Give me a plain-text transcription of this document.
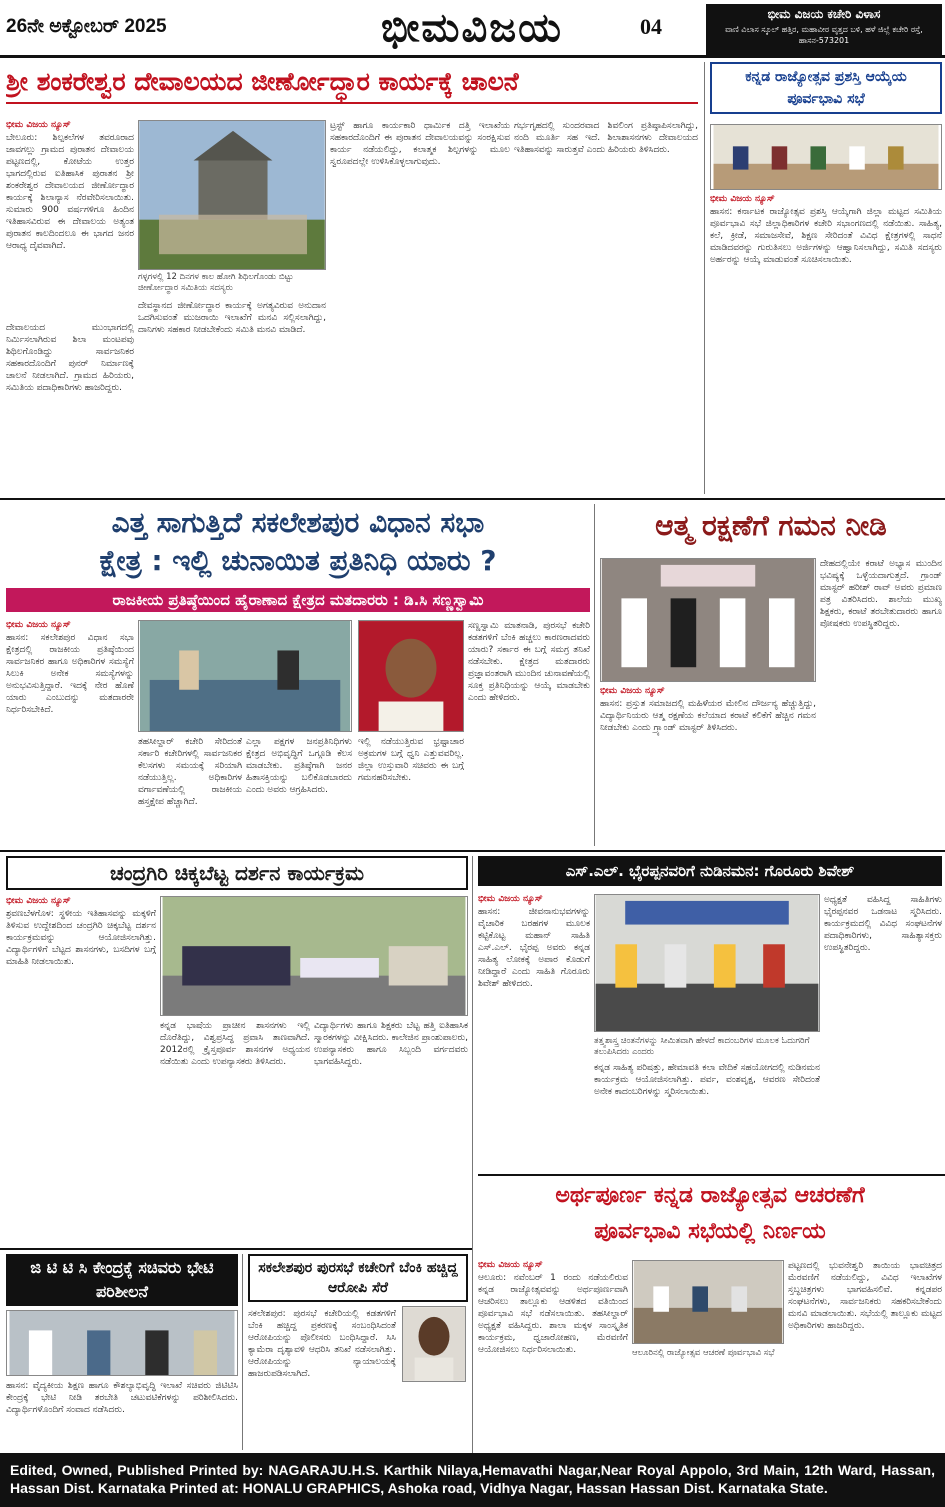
26ನೇ ಅಕ್ಟೋಬರ್ 2025	ಭೀಮವಿಜಯ	04	ಭೀಮ ವಿಜಯ ಕಚೇರಿ ವಿಳಾಸ
ವಾಣಿ ವಿಲಾಸ ಸ್ಕೂಲ್ ಹತ್ತಿರ, ಮಹಾವೀರ ವೃತ್ತದ ಬಳಿ, ಹಳೆ ಜಿಲ್ಲೆ ಕಚೇರಿ ರಸ್ತೆ, ಹಾಸನ-573201
ಶ್ರೀ ಶಂಕರೇಶ್ವರ ದೇವಾಲಯದ ಜೀರ್ಣೋದ್ಧಾರ ಕಾರ್ಯಕ್ಕೆ ಚಾಲನೆ
ಭೀಮ ವಿಜಯ ನ್ಯೂಸ್
ಬೇಲೂರು: ಶಿಲ್ಪಕಲೆಗಳ ತವರೂರಾದ ಜಾವಗಲ್ಲು ಗ್ರಾಮದ ಪುರಾತನ ದೇವಾಲಯ ಪಟ್ಟಣದಲ್ಲಿ, ಕೋಟೆಯ ಉತ್ತರ ಭಾಗದಲ್ಲಿರುವ ಐತಿಹಾಸಿಕ ಪುರಾತನ ಶ್ರೀ ಶಂಕರೇಶ್ವರ ದೇವಾಲಯದ ಜೀರ್ಣೋದ್ಧಾರ ಕಾರ್ಯಕ್ಕೆ ಶಿಲಾನ್ಯಾಸ ನೆರವೇರಿಸಲಾಯಿತು. ಸುಮಾರು 900 ವರ್ಷಗಳಿಗೂ ಹಿಂದಿನ ಇತಿಹಾಸವಿರುವ ಈ ದೇವಾಲಯ ಅತ್ಯಂತ ಪುರಾತನ ಕಾಲದಿಂದಲೂ ಈ ಭಾಗದ ಜನರ ಆರಾಧ್ಯ ದೈವವಾಗಿದೆ.
ಗಳ್ಳಗಳಲ್ಲಿ 12 ದಿನಗಳ ಕಾಲ ಹೋಗಿ ಶಿಥಿಲಗೊಂಡು ಬಿಟ್ಟು ಜೀರ್ಣೋದ್ಧಾರ ಸಮಿತಿಯ ಸದಸ್ಯರು
ದೇವಾಲಯದ ಮುಂಭಾಗದಲ್ಲಿ ನಿರ್ಮಿಸಲಾಗಿರುವ ಶಿಲಾ ಮಂಟಪವು ಶಿಥಿಲಗೊಂಡಿದ್ದು ಸಾರ್ವಜನಿಕರ ಸಹಕಾರದೊಂದಿಗೆ ಪುನರ್ ನಿರ್ಮಾಣಕ್ಕೆ ಚಾಲನೆ ನೀಡಲಾಗಿದೆ. ಗ್ರಾಮದ ಹಿರಿಯರು, ಸಮಿತಿಯ ಪದಾಧಿಕಾರಿಗಳು ಹಾಜರಿದ್ದರು.
ದೇವಸ್ಥಾನದ ಜೀರ್ಣೋದ್ಧಾರ ಕಾರ್ಯಕ್ಕೆ ಅಗತ್ಯವಿರುವ ಅನುದಾನ ಒದಗಿಸುವಂತೆ ಮುಜರಾಯಿ ಇಲಾಖೆಗೆ ಮನವಿ ಸಲ್ಲಿಸಲಾಗಿದ್ದು, ದಾನಿಗಳು ಸಹಕಾರ ನೀಡಬೇಕೆಂದು ಸಮಿತಿ ಮನವಿ ಮಾಡಿದೆ.
ಟ್ರಸ್ಟ್ ಹಾಗೂ ಕಾರ್ಯಕಾರಿ ಧಾರ್ಮಿಕ ದತ್ತಿ ಇಲಾಖೆಯ ಸಹಕಾರದೊಂದಿಗೆ ಈ ಪುರಾತನ ದೇವಾಲಯವನ್ನು ಸಂರಕ್ಷಿಸುವ ಕಾರ್ಯ ನಡೆಯಲಿದ್ದು, ಕಲಾತ್ಮಕ ಶಿಲ್ಪಗಳನ್ನು ಮೂಲ ಸ್ವರೂಪದಲ್ಲೇ ಉಳಿಸಿಕೊಳ್ಳಲಾಗುವುದು.
ಗರ್ಭಗೃಹದಲ್ಲಿ ಸುಂದರವಾದ ಶಿವಲಿಂಗ ಪ್ರತಿಷ್ಠಾಪಿಸಲಾಗಿದ್ದು, ನಂದಿ ಮೂರ್ತಿ ಸಹ ಇದೆ. ಶಿಲಾಶಾಸನಗಳು ದೇವಾಲಯದ ಇತಿಹಾಸವನ್ನು ಸಾರುತ್ತವೆ ಎಂದು ಹಿರಿಯರು ತಿಳಿಸಿದರು.
ಕನ್ನಡ ರಾಜ್ಯೋತ್ಸವ ಪ್ರಶಸ್ತಿ ಆಯ್ಕೆಯ ಪೂರ್ವಭಾವಿ ಸಭೆ
ಭೀಮ ವಿಜಯ ನ್ಯೂಸ್
ಹಾಸನ: ಕರ್ನಾಟಕ ರಾಜ್ಯೋತ್ಸವ ಪ್ರಶಸ್ತಿ ಆಯ್ಕೆಗಾಗಿ ಜಿಲ್ಲಾ ಮಟ್ಟದ ಸಮಿತಿಯ ಪೂರ್ವಭಾವಿ ಸಭೆ ಜಿಲ್ಲಾಧಿಕಾರಿಗಳ ಕಚೇರಿ ಸಭಾಂಗಣದಲ್ಲಿ ನಡೆಯಿತು. ಸಾಹಿತ್ಯ, ಕಲೆ, ಕ್ರೀಡೆ, ಸಮಾಜಸೇವೆ, ಶಿಕ್ಷಣ ಸೇರಿದಂತೆ ವಿವಿಧ ಕ್ಷೇತ್ರಗಳಲ್ಲಿ ಸಾಧನೆ ಮಾಡಿದವರನ್ನು ಗುರುತಿಸಲು ಅರ್ಜಿಗಳನ್ನು ಆಹ್ವಾನಿಸಲಾಗಿದ್ದು, ಸಮಿತಿ ಸದಸ್ಯರು ಅರ್ಹರನ್ನು ಆಯ್ಕೆ ಮಾಡುವಂತೆ ಸೂಚಿಸಲಾಯಿತು.
ಎತ್ತ ಸಾಗುತ್ತಿದೆ ಸಕಲೇಶಪುರ ವಿಧಾನ ಸಭಾ
ಕ್ಷೇತ್ರ : ಇಲ್ಲಿ ಚುನಾಯಿತ ಪ್ರತಿನಿಧಿ ಯಾರು ?
ರಾಜಕೀಯ ಪ್ರತಿಷ್ಠೆಯಿಂದ ಹೈರಾಣಾದ ಕ್ಷೇತ್ರದ ಮತದಾರರು : ಡಿ.ಸಿ ಸಣ್ಣಸ್ವಾಮಿ
ಭೀಮ ವಿಜಯ ನ್ಯೂಸ್
ಹಾಸನ: ಸಕಲೇಶಪುರ ವಿಧಾನ ಸಭಾ ಕ್ಷೇತ್ರದಲ್ಲಿ ರಾಜಕೀಯ ಪ್ರತಿಷ್ಠೆಯಿಂದ ಸಾರ್ವಜನಿಕರ ಹಾಗೂ ಅಧಿಕಾರಿಗಳ ಸಮಸ್ಯೆಗೆ ಸಿಲುಕಿ ಅನೇಕ ಸಮಸ್ಯೆಗಳನ್ನು ಅನುಭವಿಸುತ್ತಿದ್ದಾರೆ. ಇದಕ್ಕೆ ನೇರ ಹೊಣೆ ಯಾರು ಎಂಬುದನ್ನು ಮತದಾರರೇ ನಿರ್ಧರಿಸಬೇಕಿದೆ.
ತಹಸೀಲ್ದಾರ್ ಕಚೇರಿ ಸೇರಿದಂತೆ ಸರ್ಕಾರಿ ಕಚೇರಿಗಳಲ್ಲಿ ಸಾರ್ವಜನಿಕರ ಕೆಲಸಗಳು ಸಮಯಕ್ಕೆ ಸರಿಯಾಗಿ ನಡೆಯುತ್ತಿಲ್ಲ. ಅಧಿಕಾರಿಗಳ ವರ್ಗಾವಣೆಯಲ್ಲಿ ರಾಜಕೀಯ ಹಸ್ತಕ್ಷೇಪ ಹೆಚ್ಚಾಗಿದೆ.
ಎಲ್ಲಾ ಪಕ್ಷಗಳ ಜನಪ್ರತಿನಿಧಿಗಳು ಕ್ಷೇತ್ರದ ಅಭಿವೃದ್ಧಿಗೆ ಒಗ್ಗೂಡಿ ಕೆಲಸ ಮಾಡಬೇಕು. ಪ್ರತಿಷ್ಠೆಗಾಗಿ ಜನರ ಹಿತಾಸಕ್ತಿಯನ್ನು ಬಲಿಕೊಡಬಾರದು ಎಂದು ಅವರು ಆಗ್ರಹಿಸಿದರು.
ಇಲ್ಲಿ ನಡೆಯುತ್ತಿರುವ ಭ್ರಷ್ಟಾಚಾರ ಅಕ್ರಮಗಳ ಬಗ್ಗೆ ಧ್ವನಿ ಎತ್ತುವವರಿಲ್ಲ. ಜಿಲ್ಲಾ ಉಸ್ತುವಾರಿ ಸಚಿವರು ಈ ಬಗ್ಗೆ ಗಮನಹರಿಸಬೇಕು.
ಸಣ್ಣಸ್ವಾಮಿ ಮಾತನಾಡಿ, ಪುರಸಭೆ ಕಚೇರಿ ಕಡತಗಳಿಗೆ ಬೆಂಕಿ ಹಚ್ಚಲು ಕಾರಣರಾದವರು ಯಾರು? ಸರ್ಕಾರ ಈ ಬಗ್ಗೆ ಸಮಗ್ರ ತನಿಖೆ ನಡೆಸಬೇಕು. ಕ್ಷೇತ್ರದ ಮತದಾರರು ಪ್ರಜ್ಞಾವಂತರಾಗಿ ಮುಂದಿನ ಚುನಾವಣೆಯಲ್ಲಿ ಸೂಕ್ತ ಪ್ರತಿನಿಧಿಯನ್ನು ಆಯ್ಕೆ ಮಾಡಬೇಕು ಎಂದು ಹೇಳಿದರು.
ಆತ್ಮ ರಕ್ಷಣೆಗೆ ಗಮನ ನೀಡಿ
ಭೀಮ ವಿಜಯ ನ್ಯೂಸ್
ಹಾಸನ: ಪ್ರಸ್ತುತ ಸಮಾಜದಲ್ಲಿ ಮಹಿಳೆಯರ ಮೇಲಿನ ದೌರ್ಜನ್ಯ ಹೆಚ್ಚುತ್ತಿದ್ದು, ವಿದ್ಯಾರ್ಥಿನಿಯರು ಆತ್ಮ ರಕ್ಷಣೆಯ ಕಲೆಯಾದ ಕರಾಟೆ ಕಲಿಕೆಗೆ ಹೆಚ್ಚಿನ ಗಮನ ನೀಡಬೇಕು ಎಂದು ಗ್ರ್ಯಾಂಡ್ ಮಾಸ್ಟರ್ ತಿಳಿಸಿದರು.
ದೇಹದಲ್ಲಿಯೇ ಕರಾಟೆ ಅಭ್ಯಾಸ ಮುಂದಿನ ಭವಿಷ್ಯಕ್ಕೆ ಒಳ್ಳೆಯದಾಗುತ್ತದೆ. ಗ್ರಾಂಡ್ ಮಾಸ್ಟರ್ ಹರೀಶ್ ರಾವ್ ಅವರು ಪ್ರಮಾಣ ಪತ್ರ ವಿತರಿಸಿದರು. ಶಾಲೆಯ ಮುಖ್ಯ ಶಿಕ್ಷಕರು, ಕರಾಟೆ ತರಬೇತುದಾರರು ಹಾಗೂ ಪೋಷಕರು ಉಪಸ್ಥಿತರಿದ್ದರು.
ಚಂದ್ರಗಿರಿ ಚಿಕ್ಕಬೆಟ್ಟ ದರ್ಶನ ಕಾರ್ಯಕ್ರಮ
ಭೀಮ ವಿಜಯ ನ್ಯೂಸ್
ಶ್ರವಣಬೆಳಗೊಳ: ಸ್ಥಳೀಯ ಇತಿಹಾಸವನ್ನು ಮಕ್ಕಳಿಗೆ ತಿಳಿಸುವ ಉದ್ದೇಶದಿಂದ ಚಂದ್ರಗಿರಿ ಚಿಕ್ಕಬೆಟ್ಟ ದರ್ಶನ ಕಾರ್ಯಕ್ರಮವನ್ನು ಆಯೋಜಿಸಲಾಗಿತ್ತು. ವಿದ್ಯಾರ್ಥಿಗಳಿಗೆ ಬೆಟ್ಟದ ಶಾಸನಗಳು, ಬಸದಿಗಳ ಬಗ್ಗೆ ಮಾಹಿತಿ ನೀಡಲಾಯಿತು.
ಕನ್ನಡ ಭಾಷೆಯ ಪ್ರಾಚೀನ ಶಾಸನಗಳು ಇಲ್ಲಿ ದೊರೆತಿದ್ದು, ವಿಶ್ವಪ್ರಸಿದ್ಧ ಪ್ರವಾಸಿ ತಾಣವಾಗಿದೆ. 2012ರಲ್ಲಿ ಕ್ರೈಸ್ತಪೂರ್ವ ಶಾಸನಗಳ ಅಧ್ಯಯನ ನಡೆಯಿತು ಎಂದು ಉಪನ್ಯಾಸಕರು ತಿಳಿಸಿದರು.
ವಿದ್ಯಾರ್ಥಿಗಳು ಹಾಗೂ ಶಿಕ್ಷಕರು ಬೆಟ್ಟ ಹತ್ತಿ ಐತಿಹಾಸಿಕ ಸ್ಮಾರಕಗಳನ್ನು ವೀಕ್ಷಿಸಿದರು. ಕಾಲೇಜಿನ ಪ್ರಾಂಶುಪಾಲರು, ಉಪನ್ಯಾಸಕರು ಹಾಗೂ ಸಿಬ್ಬಂದಿ ವರ್ಗದವರು ಭಾಗವಹಿಸಿದ್ದರು.
ಎಸ್.ಎಲ್. ಭೈರಪ್ಪನವರಿಗೆ ನುಡಿನಮನ: ಗೊರೂರು ಶಿವೇಶ್
ಭೀಮ ವಿಜಯ ನ್ಯೂಸ್
ಹಾಸನ: ಜೀವನಾನುಭವಗಳನ್ನು ವೈಚಾರಿಕ ಬರಹಗಳ ಮೂಲಕ ಕಟ್ಟಿಕೊಟ್ಟ ಮಹಾನ್ ಸಾಹಿತಿ ಎಸ್.ಎಲ್. ಭೈರಪ್ಪ ಅವರು ಕನ್ನಡ ಸಾಹಿತ್ಯ ಲೋಕಕ್ಕೆ ಅಪಾರ ಕೊಡುಗೆ ನೀಡಿದ್ದಾರೆ ಎಂದು ಸಾಹಿತಿ ಗೊರೂರು ಶಿವೇಶ್ ಹೇಳಿದರು.
ತತ್ತ್ವಶಾಸ್ತ್ರ ಚಿಂತನೆಗಳನ್ನು ಸೀಮಿತವಾಗಿ ಹೇಳದೆ ಕಾದಂಬರಿಗಳ ಮೂಲಕ ಓದುಗರಿಗೆ ತಲುಪಿಸಿದರು ಎಂದರು
ಕನ್ನಡ ಸಾಹಿತ್ಯ ಪರಿಷತ್ತು, ಹೇಮಾವತಿ ಕಲಾ ವೇದಿಕೆ ಸಹಯೋಗದಲ್ಲಿ ನುಡಿನಮನ ಕಾರ್ಯಕ್ರಮ ಆಯೋಜಿಸಲಾಗಿತ್ತು. ಪರ್ವ, ವಂಶವೃಕ್ಷ, ಆವರಣ ಸೇರಿದಂತೆ ಅನೇಕ ಕಾದಂಬರಿಗಳನ್ನು ಸ್ಮರಿಸಲಾಯಿತು.
ಅಧ್ಯಕ್ಷತೆ ವಹಿಸಿದ್ದ ಸಾಹಿತಿಗಳು ಭೈರಪ್ಪನವರ ಒಡನಾಟ ಸ್ಮರಿಸಿದರು. ಕಾರ್ಯಕ್ರಮದಲ್ಲಿ ವಿವಿಧ ಸಂಘಟನೆಗಳ ಪದಾಧಿಕಾರಿಗಳು, ಸಾಹಿತ್ಯಾಸಕ್ತರು ಉಪಸ್ಥಿತರಿದ್ದರು.
ಅರ್ಥಪೂರ್ಣ ಕನ್ನಡ ರಾಜ್ಯೋತ್ಸವ ಆಚರಣೆಗೆ
ಪೂರ್ವಭಾವಿ ಸಭೆಯಲ್ಲಿ ನಿರ್ಣಯ
ಭೀಮ ವಿಜಯ ನ್ಯೂಸ್
ಆಲೂರು: ನವೆಂಬರ್ 1 ರಂದು ನಡೆಯಲಿರುವ ಕನ್ನಡ ರಾಜ್ಯೋತ್ಸವವನ್ನು ಅರ್ಥಪೂರ್ಣವಾಗಿ ಆಚರಿಸಲು ತಾಲ್ಲೂಕು ಆಡಳಿತದ ವತಿಯಿಂದ ಪೂರ್ವಭಾವಿ ಸಭೆ ನಡೆಸಲಾಯಿತು. ತಹಸೀಲ್ದಾರ್ ಅಧ್ಯಕ್ಷತೆ ವಹಿಸಿದ್ದರು. ಶಾಲಾ ಮಕ್ಕಳ ಸಾಂಸ್ಕೃತಿಕ ಕಾರ್ಯಕ್ರಮ, ಧ್ವಜಾರೋಹಣ, ಮೆರವಣಿಗೆ ಆಯೋಜಿಸಲು ನಿರ್ಧರಿಸಲಾಯಿತು.	ಆಲೂರಿನಲ್ಲಿ ರಾಜ್ಯೋತ್ಸವ ಆಚರಣೆ ಪೂರ್ವಭಾವಿ ಸಭೆ
ಪಟ್ಟಣದಲ್ಲಿ ಭುವನೇಶ್ವರಿ ತಾಯಿಯ ಭಾವಚಿತ್ರದ ಮೆರವಣಿಗೆ ನಡೆಯಲಿದ್ದು, ವಿವಿಧ ಇಲಾಖೆಗಳ ಸ್ತಬ್ಧಚಿತ್ರಗಳು ಭಾಗವಹಿಸಲಿವೆ. ಕನ್ನಡಪರ ಸಂಘಟನೆಗಳು, ಸಾರ್ವಜನಿಕರು ಸಹಕರಿಸಬೇಕೆಂದು ಮನವಿ ಮಾಡಲಾಯಿತು. ಸಭೆಯಲ್ಲಿ ತಾಲ್ಲೂಕು ಮಟ್ಟದ ಅಧಿಕಾರಿಗಳು ಹಾಜರಿದ್ದರು.
ಜಿ ಟಿ ಟಿ ಸಿ ಕೇಂದ್ರಕ್ಕೆ ಸಚಿವರು ಭೇಟಿ ಪರಿಶೀಲನೆ
ಹಾಸನ: ವೈದ್ಯಕೀಯ ಶಿಕ್ಷಣ ಹಾಗೂ ಕೌಶಲ್ಯಾಭಿವೃದ್ಧಿ ಇಲಾಖೆ ಸಚಿವರು ಜಿಟಿಟಿಸಿ ಕೇಂದ್ರಕ್ಕೆ ಭೇಟಿ ನೀಡಿ ತರಬೇತಿ ಚಟುವಟಿಕೆಗಳನ್ನು ಪರಿಶೀಲಿಸಿದರು. ವಿದ್ಯಾರ್ಥಿಗಳೊಂದಿಗೆ ಸಂವಾದ ನಡೆಸಿದರು.
ಸಕಲೇಶಪುರ ಪುರಸಭೆ ಕಚೇರಿಗೆ ಬೆಂಕಿ ಹಚ್ಚಿದ್ದ ಆರೋಪಿ ಸೆರೆ
ಸಕಲೇಶಪುರ: ಪುರಸಭೆ ಕಚೇರಿಯಲ್ಲಿ ಕಡತಗಳಿಗೆ ಬೆಂಕಿ ಹಚ್ಚಿದ್ದ ಪ್ರಕರಣಕ್ಕೆ ಸಂಬಂಧಿಸಿದಂತೆ ಆರೋಪಿಯನ್ನು ಪೊಲೀಸರು ಬಂಧಿಸಿದ್ದಾರೆ. ಸಿಸಿ ಕ್ಯಾಮೆರಾ ದೃಶ್ಯಾವಳಿ ಆಧರಿಸಿ ತನಿಖೆ ನಡೆಸಲಾಗಿತ್ತು. ಆರೋಪಿಯನ್ನು ನ್ಯಾಯಾಲಯಕ್ಕೆ ಹಾಜರುಪಡಿಸಲಾಗಿದೆ.
Edited, Owned, Published Printed by: NAGARAJU.H.S. Karthik Nilaya,Hemavathi Nagar,Near Royal Appolo, 3rd Main, 12th Ward, Hassan, Hassan Dist. Karnataka Printed at: HONALU GRAPHICS, Ashoka road, Vidhya Nagar, Hassan Hassan Dist. Karnataka State.
